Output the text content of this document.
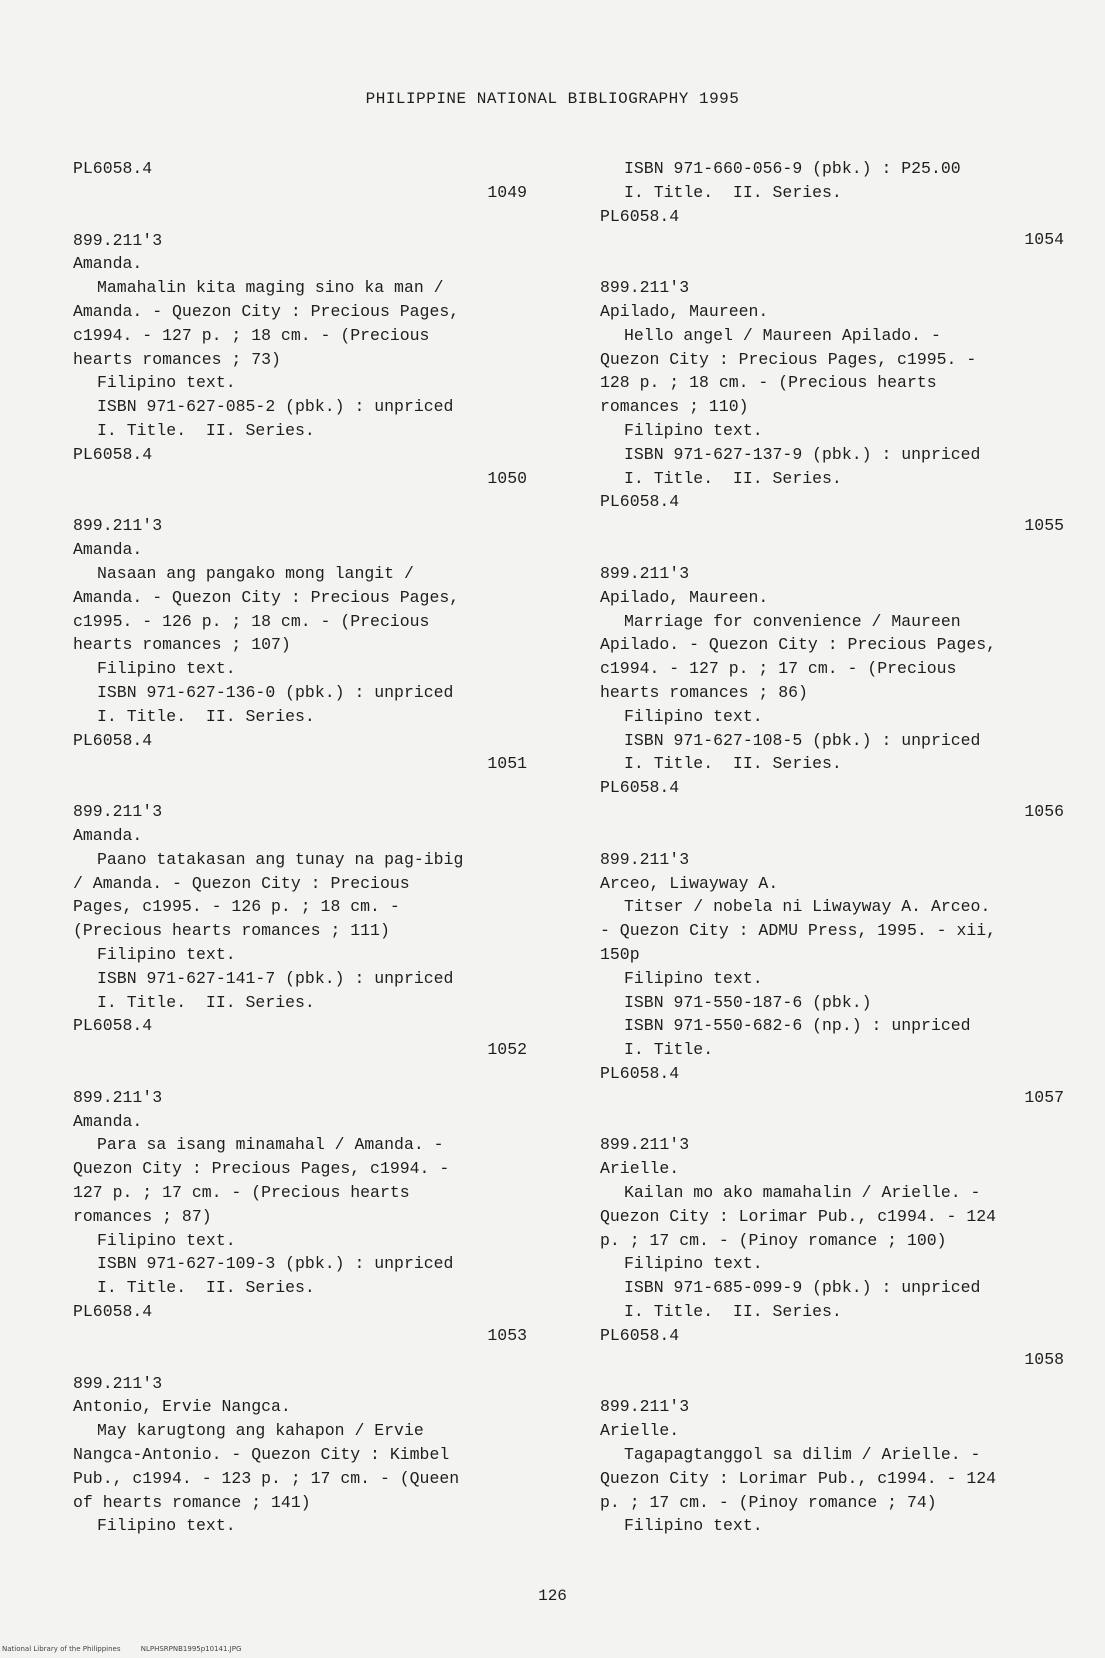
PHILIPPINE NATIONAL BIBLIOGRAPHY 1995
PL6058.4
1049
899.211'3
Amanda.
Mamahalin kita maging sino ka man /
Amanda. - Quezon City : Precious Pages,
c1994. - 127 p. ; 18 cm. - (Precious
hearts romances ; 73)
Filipino text.
ISBN 971-627-085-2 (pbk.) : unpriced
I. Title.  II. Series.
PL6058.4
1050
899.211'3
Amanda.
Nasaan ang pangako mong langit /
Amanda. - Quezon City : Precious Pages,
c1995. - 126 p. ; 18 cm. - (Precious
hearts romances ; 107)
Filipino text.
ISBN 971-627-136-0 (pbk.) : unpriced
I. Title.  II. Series.
PL6058.4
1051
899.211'3
Amanda.
Paano tatakasan ang tunay na pag-ibig
/ Amanda. - Quezon City : Precious
Pages, c1995. - 126 p. ; 18 cm. -
(Precious hearts romances ; 111)
Filipino text.
ISBN 971-627-141-7 (pbk.) : unpriced
I. Title.  II. Series.
PL6058.4
1052
899.211'3
Amanda.
Para sa isang minamahal / Amanda. -
Quezon City : Precious Pages, c1994. -
127 p. ; 17 cm. - (Precious hearts
romances ; 87)
Filipino text.
ISBN 971-627-109-3 (pbk.) : unpriced
I. Title.  II. Series.
PL6058.4
1053
899.211'3
Antonio, Ervie Nangca.
May karugtong ang kahapon / Ervie
Nangca-Antonio. - Quezon City : Kimbel
Pub., c1994. - 123 p. ; 17 cm. - (Queen
of hearts romance ; 141)
Filipino text.
ISBN 971-660-056-9 (pbk.) : P25.00
I. Title.  II. Series.
PL6058.4
1054
899.211'3
Apilado, Maureen.
Hello angel / Maureen Apilado. -
Quezon City : Precious Pages, c1995. -
128 p. ; 18 cm. - (Precious hearts
romances ; 110)
Filipino text.
ISBN 971-627-137-9 (pbk.) : unpriced
I. Title.  II. Series.
PL6058.4
1055
899.211'3
Apilado, Maureen.
Marriage for convenience / Maureen
Apilado. - Quezon City : Precious Pages,
c1994. - 127 p. ; 17 cm. - (Precious
hearts romances ; 86)
Filipino text.
ISBN 971-627-108-5 (pbk.) : unpriced
I. Title.  II. Series.
PL6058.4
1056
899.211'3
Arceo, Liwayway A.
Titser / nobela ni Liwayway A. Arceo.
- Quezon City : ADMU Press, 1995. - xii,
150p
Filipino text.
ISBN 971-550-187-6 (pbk.)
ISBN 971-550-682-6 (np.) : unpriced
I. Title.
PL6058.4
1057
899.211'3
Arielle.
Kailan mo ako mamahalin / Arielle. -
Quezon City : Lorimar Pub., c1994. - 124
p. ; 17 cm. - (Pinoy romance ; 100)
Filipino text.
ISBN 971-685-099-9 (pbk.) : unpriced
I. Title.  II. Series.
PL6058.4
1058
899.211'3
Arielle.
Tagapagtanggol sa dilim / Arielle. -
Quezon City : Lorimar Pub., c1994. - 124
p. ; 17 cm. - (Pinoy romance ; 74)
Filipino text.
126
National Library of the Philippines	NLPHSRPNB1995p10141.JPG
